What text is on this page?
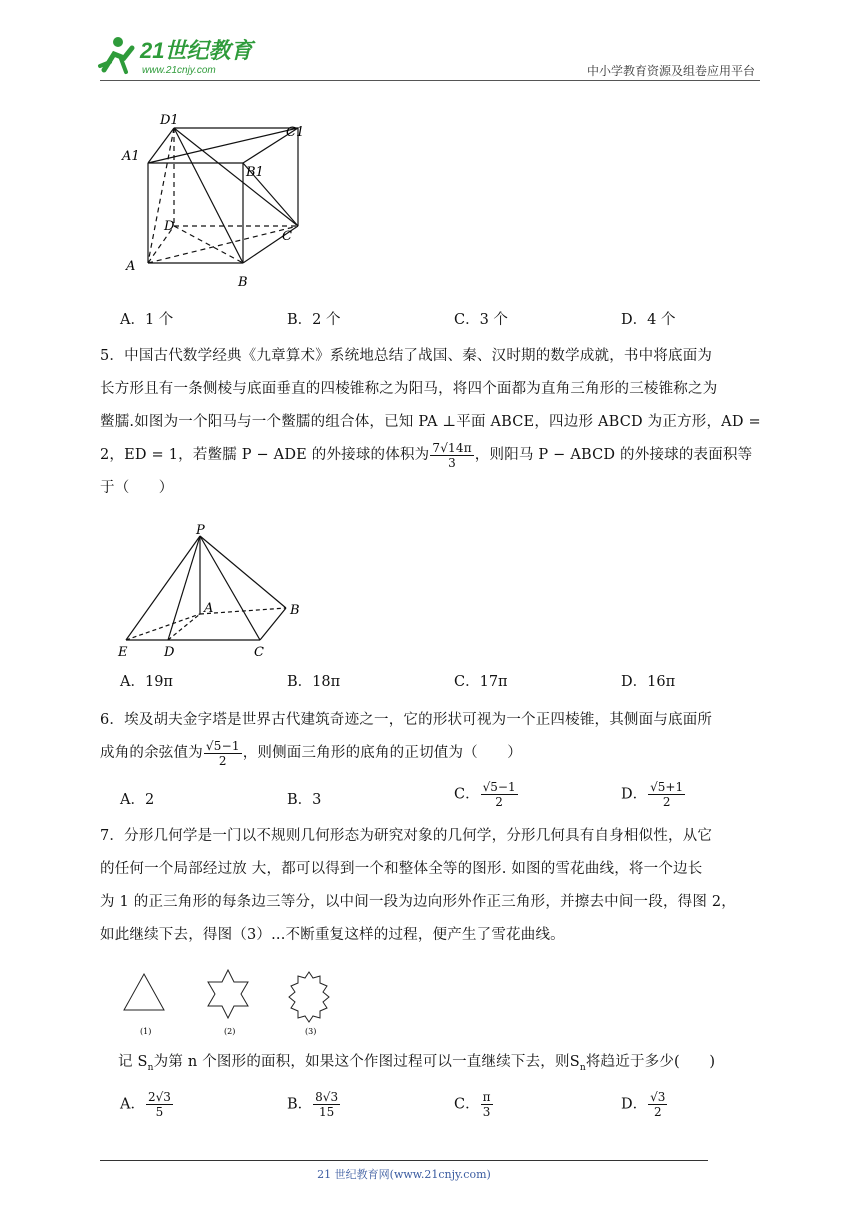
21世纪教育
www.21cnjy.com	中小学教育资源及组卷应用平台
D1
C1
A1
B1
D
C
A
B
A．1 个	B．2 个	C．3 个	D．4 个
5．中国古代数学经典《九章算术》系统地总结了战国、秦、汉时期的数学成就，书中将底面为
长方形且有一条侧棱与底面垂直的四棱锥称之为阳马，将四个面都为直角三角形的三棱锥称之为
鳖臑.如图为一个阳马与一个鳖臑的组合体，已知 PA ⊥平面 ABCE，四边形 ABCD 为正方形，AD =
2，ED = 1，若鳖臑 P − ADE 的外接球的体积为 $\frac{7√14\pi}{3}$ ，则阳马 P − ABCD 的外接球的表面积等
于（　　）
P
A	B
E	D	C
A．19π	B．18π	C．17π	D．16π
6．埃及胡夫金字塔是世界古代建筑奇迹之一，它的形状可视为一个正四棱锥，其侧面与底面所
成角的余弦值为 $\frac{√5-1}{2}$ ，则侧面三角形的底角的正切值为（　　）
A．2	B．3	C． $\frac{√5-1}{2}$	D． $\frac{√5+1}{2}$
7．分形几何学是一门以不规则几何形态为研究对象的几何学，分形几何具有自身相似性，从它
的任何一个局部经过放 大，都可以得到一个和整体全等的图形. 如图的雪花曲线，将一个边长
为 1 的正三角形的每条边三等分，以中间一段为边向形外作正三角形，并擦去中间一段，得图 2，
如此继续下去，得图（3）...不断重复这样的过程，便产生了雪花曲线。
(1)	(2)	(3)
记 $S_n$为第 n 个图形的面积，如果这个作图过程可以一直继续下去，则$S_n$将趋近于多少(　　)
A． $\frac{2√3}{5}$	B． $\frac{8√3}{15}$	C． $\frac{\pi}{3}$	D． $\frac{√3}{2}$
21 世纪教育网(www.21cnjy.com)
